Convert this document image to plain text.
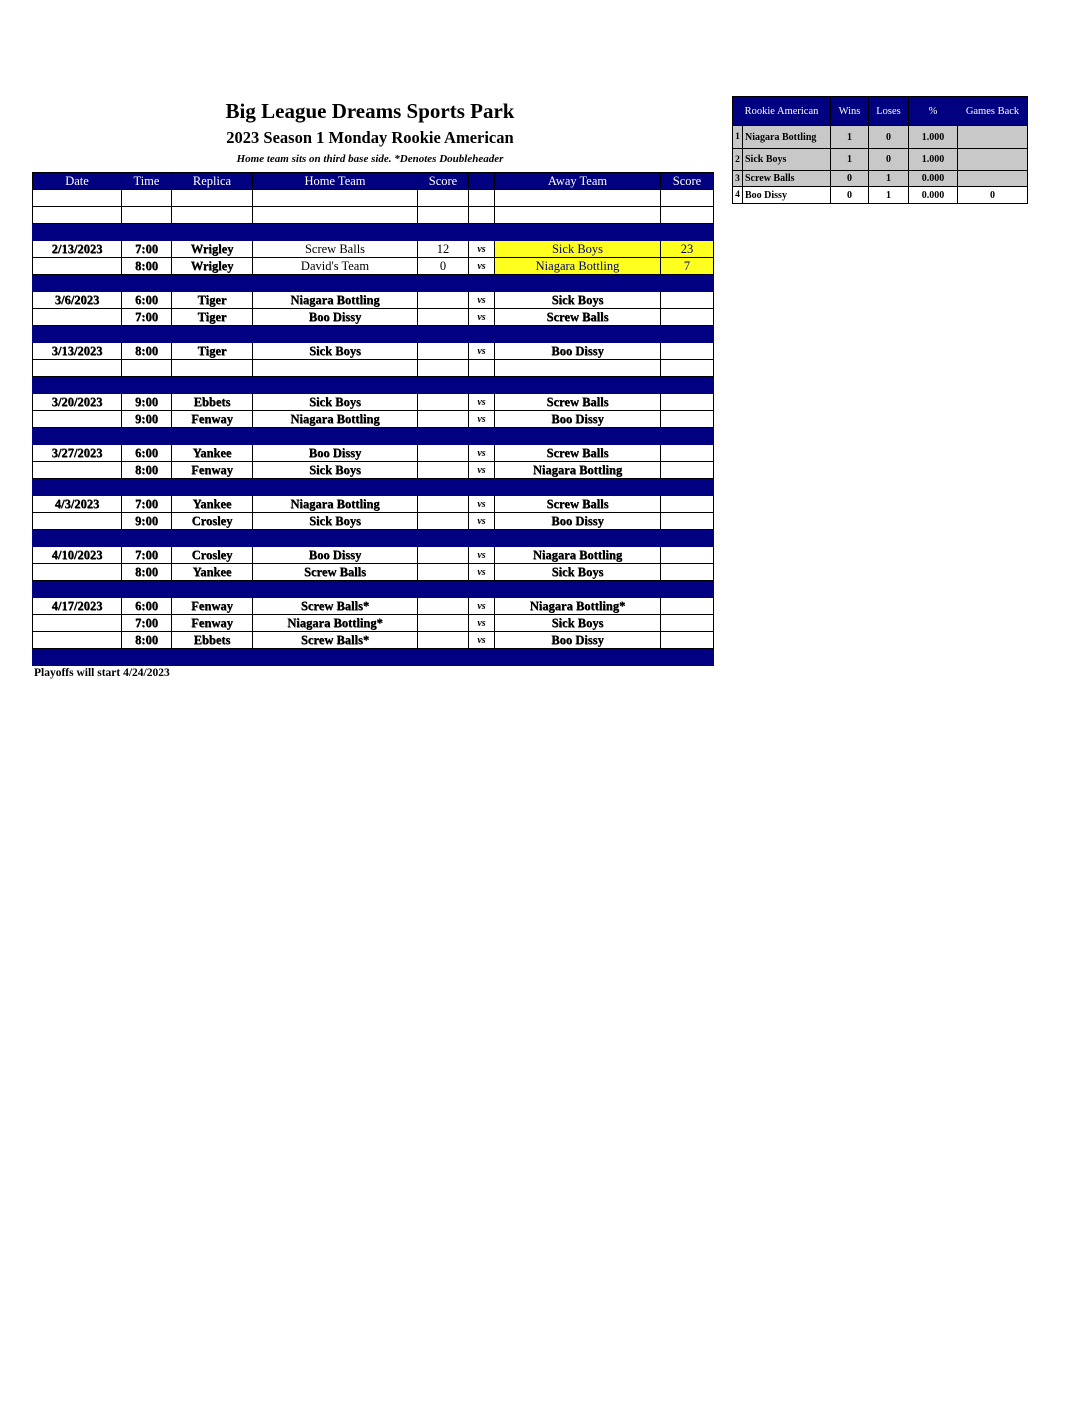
Big League Dreams Sports Park
2023 Season 1 Monday Rookie American
Home team sits on third base side. *Denotes Doubleheader
Date	Time	Replica	Home Team	Score		Away Team	Score

2/13/2023	7:00	Wrigley	Screw Balls	12	vs	Sick Boys	23
	8:00	Wrigley	David's Team	0	vs	Niagara Bottling	7

3/6/2023	6:00	Tiger	Niagara Bottling		vs	Sick Boys	
	7:00	Tiger	Boo Dissy		vs	Screw Balls	

3/13/2023	8:00	Tiger	Sick Boys		vs	Boo Dissy	

3/20/2023	9:00	Ebbets	Sick Boys		vs	Screw Balls	
	9:00	Fenway	Niagara Bottling		vs	Boo Dissy	

3/27/2023	6:00	Yankee	Boo Dissy		vs	Screw Balls	
	8:00	Fenway	Sick Boys		vs	Niagara Bottling	

4/3/2023	7:00	Yankee	Niagara Bottling		vs	Screw Balls	
	9:00	Crosley	Sick Boys		vs	Boo Dissy	

4/10/2023	7:00	Crosley	Boo Dissy		vs	Niagara Bottling	
	8:00	Yankee	Screw Balls		vs	Sick Boys	

4/17/2023	6:00	Fenway	Screw Balls*		vs	Niagara Bottling*	
	7:00	Fenway	Niagara Bottling*		vs	Sick Boys	
	8:00	Ebbets	Screw Balls*		vs	Boo Dissy	

Playoffs will start 4/24/2023
Rookie American		Wins	Loses	%	Games Back
1	Niagara Bottling	1	0	1.000	
2	Sick Boys	1	0	1.000	
3	Screw Balls	0	1	0.000	
4	Boo Dissy	0	1	0.000	0
